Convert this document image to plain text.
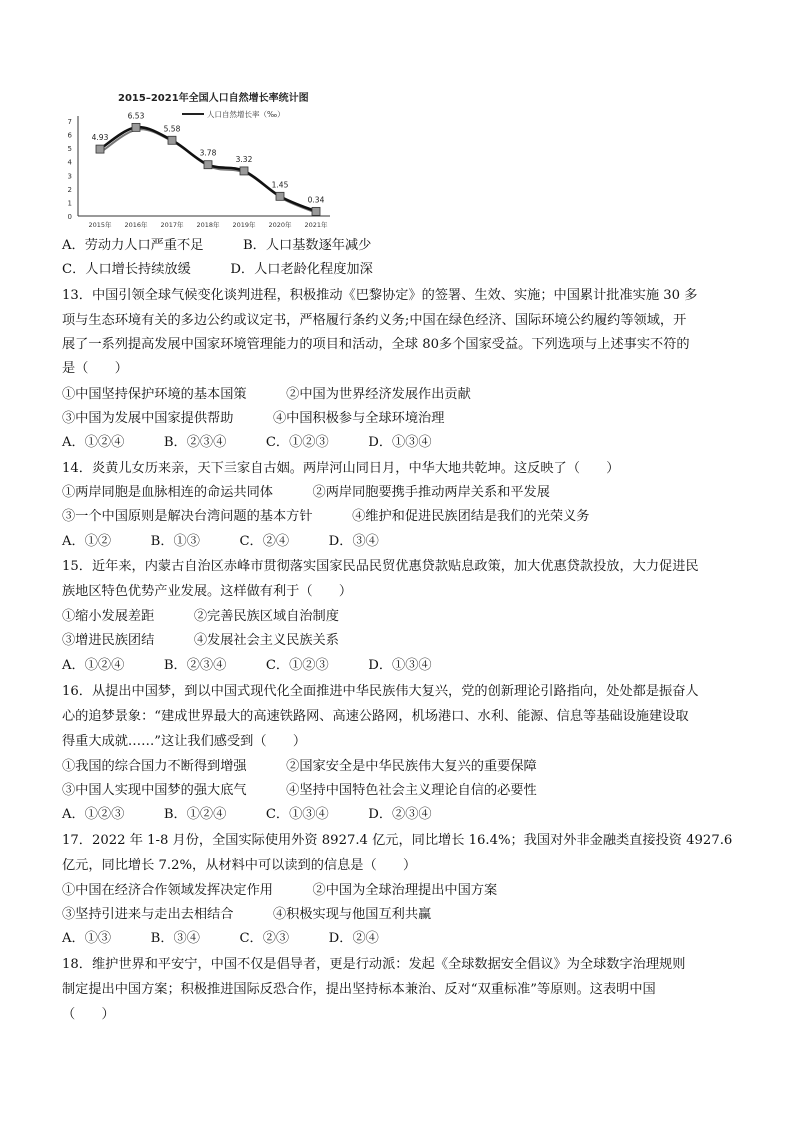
2015–2021年全国人口自然增长率统计图
人口自然增长率（‰）
0
1
2
3
4
5
6
7
2015年 2016年 2017年 2018年 2019年 2020年 2021年
4.93
6.53
5.58
3.78
3.32
1.45
0.34
A．劳动力人口严重不足　　　B．人口基数逐年减少
C．人口增长持续放缓　　　D．人口老龄化程度加深
13．中国引领全球气候变化谈判进程，积极推动《巴黎协定》的签署、生效、实施；中国累计批准实施 30 多
项与生态环境有关的多边公约或议定书，严格履行条约义务;中国在绿色经济、国际环境公约履约等领域，开
展了一系列提高发展中国家环境管理能力的项目和活动，全球 80多个国家受益。下列选项与上述事实不符的
是（　　）
①中国坚持保护环境的基本国策　　　②中国为世界经济发展作出贡献
③中国为发展中国家提供帮助　　　④中国积极参与全球环境治理
A．①②④　　　B．②③④　　　C．①②③　　　D．①③④
14．炎黄儿女历来亲，天下亖家自古姻。两岸河山同日月，中华大地共乾坤。这反映了（　　）
①两岸同胞是血脉相连的命运共同体　　　②两岸同胞要携手推动两岸关系和平发展
③一个中国原则是解决台湾问题的基本方针　　　④维护和促进民族团结是我们的光荣义务
A．①②　　　B．①③　　　C．②④　　　D．③④
15．近年来，内蒙古自治区赤峰市贯彻落实国家民品民贸优惠贷款贴息政策，加大优惠贷款投放，大力促进民
族地区特色优势产业发展。这样做有利于（　　）
①缩小发展差距　　　②完善民族区域自治制度
③增进民族团结　　　④发展社会主义民族关系
A．①②④　　　B．②③④　　　C．①②③　　　D．①③④
16．从提出中国梦，到以中国式现代化全面推进中华民族伟大复兴，党的创新理论引路指向，处处都是振奋人
心的追梦景象：“建成世界最大的高速铁路网、高速公路网，机场港口、水利、能源、信息等基础设施建设取
得重大成就……”这让我们感受到（　　）
①我国的综合国力不断得到增强　　　②国家安全是中华民族伟大复兴的重要保障
③中国人实现中国梦的强大底气　　　④坚持中国特色社会主义理论自信的必要性
A．①②③　　　B．①②④　　　C．①③④　　　D．②③④
17．2022 年 1-8 月份，全国实际使用外资 8927.4 亿元，同比增长 16.4%；我国对外非金融类直接投资 4927.6
亿元，同比增长 7.2%，从材料中可以读到的信息是（　　）
①中国在经济合作领域发挥决定作用　　　②中国为全球治理提出中国方案
③坚持引进来与走出去相结合　　　④积极实现与他国互利共赢
A．①③　　　B．③④　　　C．②③　　　D．②④
18．维护世界和平安宁，中国不仅是倡导者，更是行动派：发起《全球数据安全倡议》为全球数字治理规则
制定提出中国方案；积极推进国际反恐合作，提出坚持标本兼治、反对“双重标准”等原则。这表明中国
（　　）
